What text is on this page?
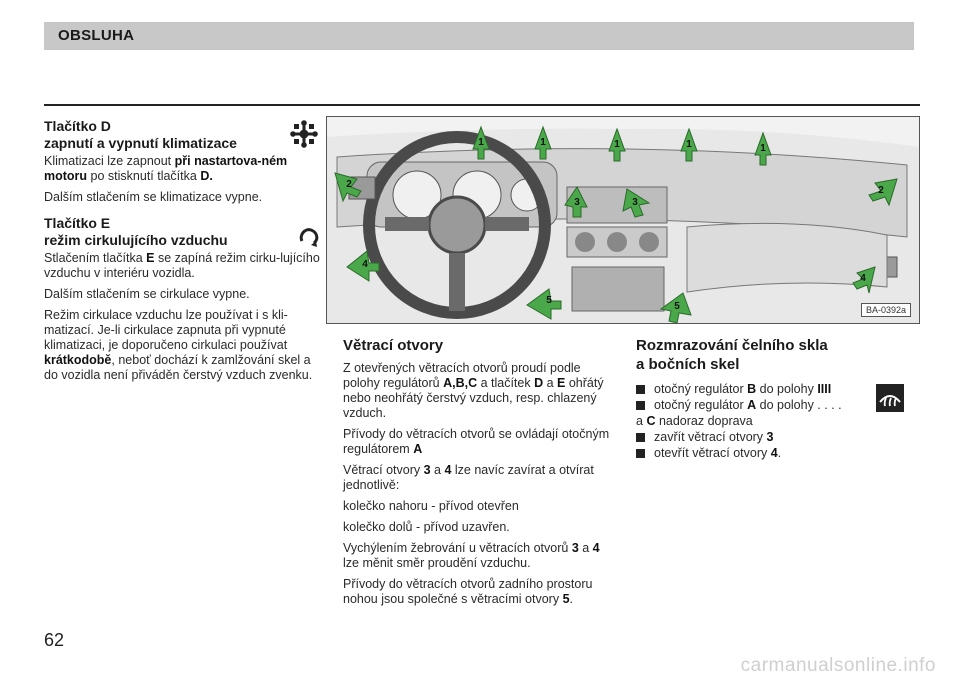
OBSLUHA
Tlačítko D
zapnutí a vypnutí klimatizace

Klimatizaci lze zapnout při nastartova-ném motoru po stisknutí tlačítka D.

Dalším stlačením se klimatizace vypne.

Tlačítko E
režim cirkulujícího vzduchu

Stlačením tlačítka E se zapíná režim cirku-lujícího vzduchu v interiéru vozidla.

Dalším stlačením se cirkulace vypne.

Režim cirkulace vzduchu lze používat i s kli-matizací. Je-li cirkulace zapnuta při vypnuté klimatizaci, je doporučeno cirkulaci používat krátkodobě, neboť dochází k zamlžování skel a do vozidla není přiváděn čerstvý vzduch zvenku.

1	1	1	1	1
2
2
3	3
4
4
5
5	BA-0392a
Větrací otvory

Z otevřených větracích otvorů proudí podle polohy regulátorů A,B,C a tlačítek D a E ohřátý nebo neohřátý čerstvý vzduch, resp. chlazený vzduch.

Přívody do větracích otvorů se ovládají otočným regulátorem A

Větrací otvory 3 a 4 lze navíc zavírat a otvírat jednotlivě:

kolečko nahoru - přívod otevřen

kolečko dolů - přívod uzavřen.

Vychýlením žebrování u větracích otvorů 3 a 4 lze měnit směr proudění vzduchu.

Přívody do větracích otvorů zadního prostoru nohou jsou společné s větracími otvory 5.

Rozmrazování čelního skla
a bočních skel
otočný regulátor B do polohy IIII
otočný regulátor A do polohy . . . .
a C nadoraz doprava
zavřít větrací otvory 3
otevřít větrací otvory 4.
62
carmanualsonline.info
